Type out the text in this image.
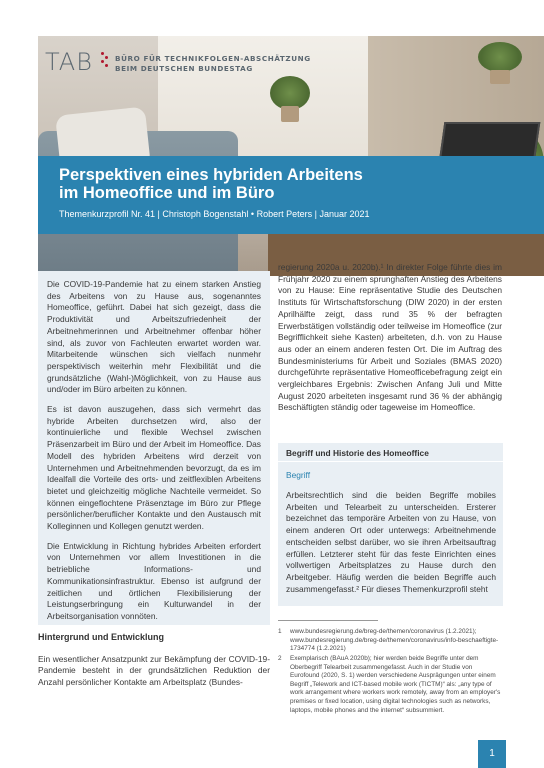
TAB	BÜRO FÜR TECHNIKFOLGEN-ABSCHÄTZUNG
BEIM DEUTSCHEN BUNDESTAG
Perspektiven eines hybriden Arbeitens
im Homeoffice und im Büro

Themenkurzprofil Nr. 41 | Christoph Bogenstahl • Robert Peters | Januar 2021

Die COVID-19-Pandemie hat zu einem starken Anstieg des Arbeitens von zu Hause aus, sogenanntes Homeoffice, geführt. Dabei hat sich gezeigt, dass die Produktivität und Arbeitszufriedenheit der Arbeitnehmerinnen und Arbeitnehmer offenbar höher sind, als zuvor von Fachleuten erwartet worden war. Mitarbeitende wünschen sich vielfach nunmehr perspektivisch weiterhin mehr Flexibilität und die grundsätzliche (Wahl-)Möglichkeit, von zu Hause aus und/oder im Büro arbeiten zu können.

Es ist davon auszugehen, dass sich vermehrt das hybride Arbeiten durchsetzen wird, also der kontinuierliche und flexible Wechsel zwischen Präsenzarbeit im Büro und der Arbeit im Homeoffice. Das Modell des hybriden Arbeitens wird derzeit von Unternehmen und Arbeitnehmenden bevorzugt, da es im Idealfall die Vorteile des orts- und zeitflexiblen Arbeitens bietet und gleichzeitig mögliche Nachteile vermeidet. So können eingeflochtene Präsenztage im Büro zur Pflege persönlicher/beruflicher Kontakte und den Austausch mit Kolleginnen und Kollegen genutzt werden.

Die Entwicklung in Richtung hybrides Arbeiten erfordert von Unternehmen vor allem Investitionen in die betriebliche Informations- und Kommunikationsinfrastruktur. Ebenso ist aufgrund der zeitlichen und örtlichen Flexibilisierung der Leistungserbringung ein Kulturwandel in der Arbeitsorganisation vonnöten.

Hintergrund und Entwicklung

Ein wesentlicher Ansatzpunkt zur Bekämpfung der COVID-19-Pandemie besteht in der grundsätzlichen Reduktion der Anzahl persönlicher Kontakte am Arbeitsplatz (Bundes-

regierung 2020a u. 2020b).¹ In direkter Folge führte dies im Frühjahr 2020 zu einem sprunghaften Anstieg des Arbeitens von zu Hause: Eine repräsentative Studie des Deutschen Instituts für Wirtschaftsforschung (DIW 2020) in der ersten Aprilhälfte zeigt, dass rund 35 % der befragten Erwerbstätigen vollständig oder teilweise im Homeoffice (zur Begrifflichkeit siehe Kasten) arbeiteten, d.h. von zu Hause aus oder an einem anderen festen Ort. Die im Auftrag des Bundesministeriums für Arbeit und Soziales (BMAS 2020) durchgeführte repräsentative Homeofficebefragung zeigt ein vergleichbares Ergebnis: Zwischen Anfang Juli und Mitte August 2020 arbeiteten insgesamt rund 36 % der abhängig Beschäftigten ständig oder tageweise im Homeoffice.

Begriff und Historie des Homeoffice
Begriff

Arbeitsrechtlich sind die beiden Begriffe mobiles Arbeiten und Telearbeit zu unterscheiden. Ersterer bezeichnet das temporäre Arbeiten von zu Hause, von einem anderen Ort oder unterwegs: Arbeitnehmende entscheiden selbst darüber, wo sie ihren Arbeitsauftrag erfüllen. Letzterer steht für das feste Einrichten eines vollwertigen Arbeitsplatzes zu Hause durch den Arbeitgeber. Häufig werden die beiden Begriffe auch zusammengefasst.² Für dieses Themenkurzprofil steht

1 www.bundesregierung.de/breg-de/themen/coronavirus (1.2.2021); www.bundesregierung.de/breg-de/themen/coronavirus/info-beschaeftigte-1734774 (1.2.2021)
2 Exemplarisch (BAuA 2020b); hier werden beide Begriffe unter dem Oberbegriff Telearbeit zusammengefasst. Auch in der Studie von Eurofound (2020, S. 1) werden verschiedene Ausprägungen unter einem Begriff „Telework and ICT-based mobile work (TICTM)“ als: „any type of work arrangement where workers work remotely, away from an employer's premises or fixed location, using digital technologies such as networks, laptops, mobile phones and the internet“ subsummiert.
1
